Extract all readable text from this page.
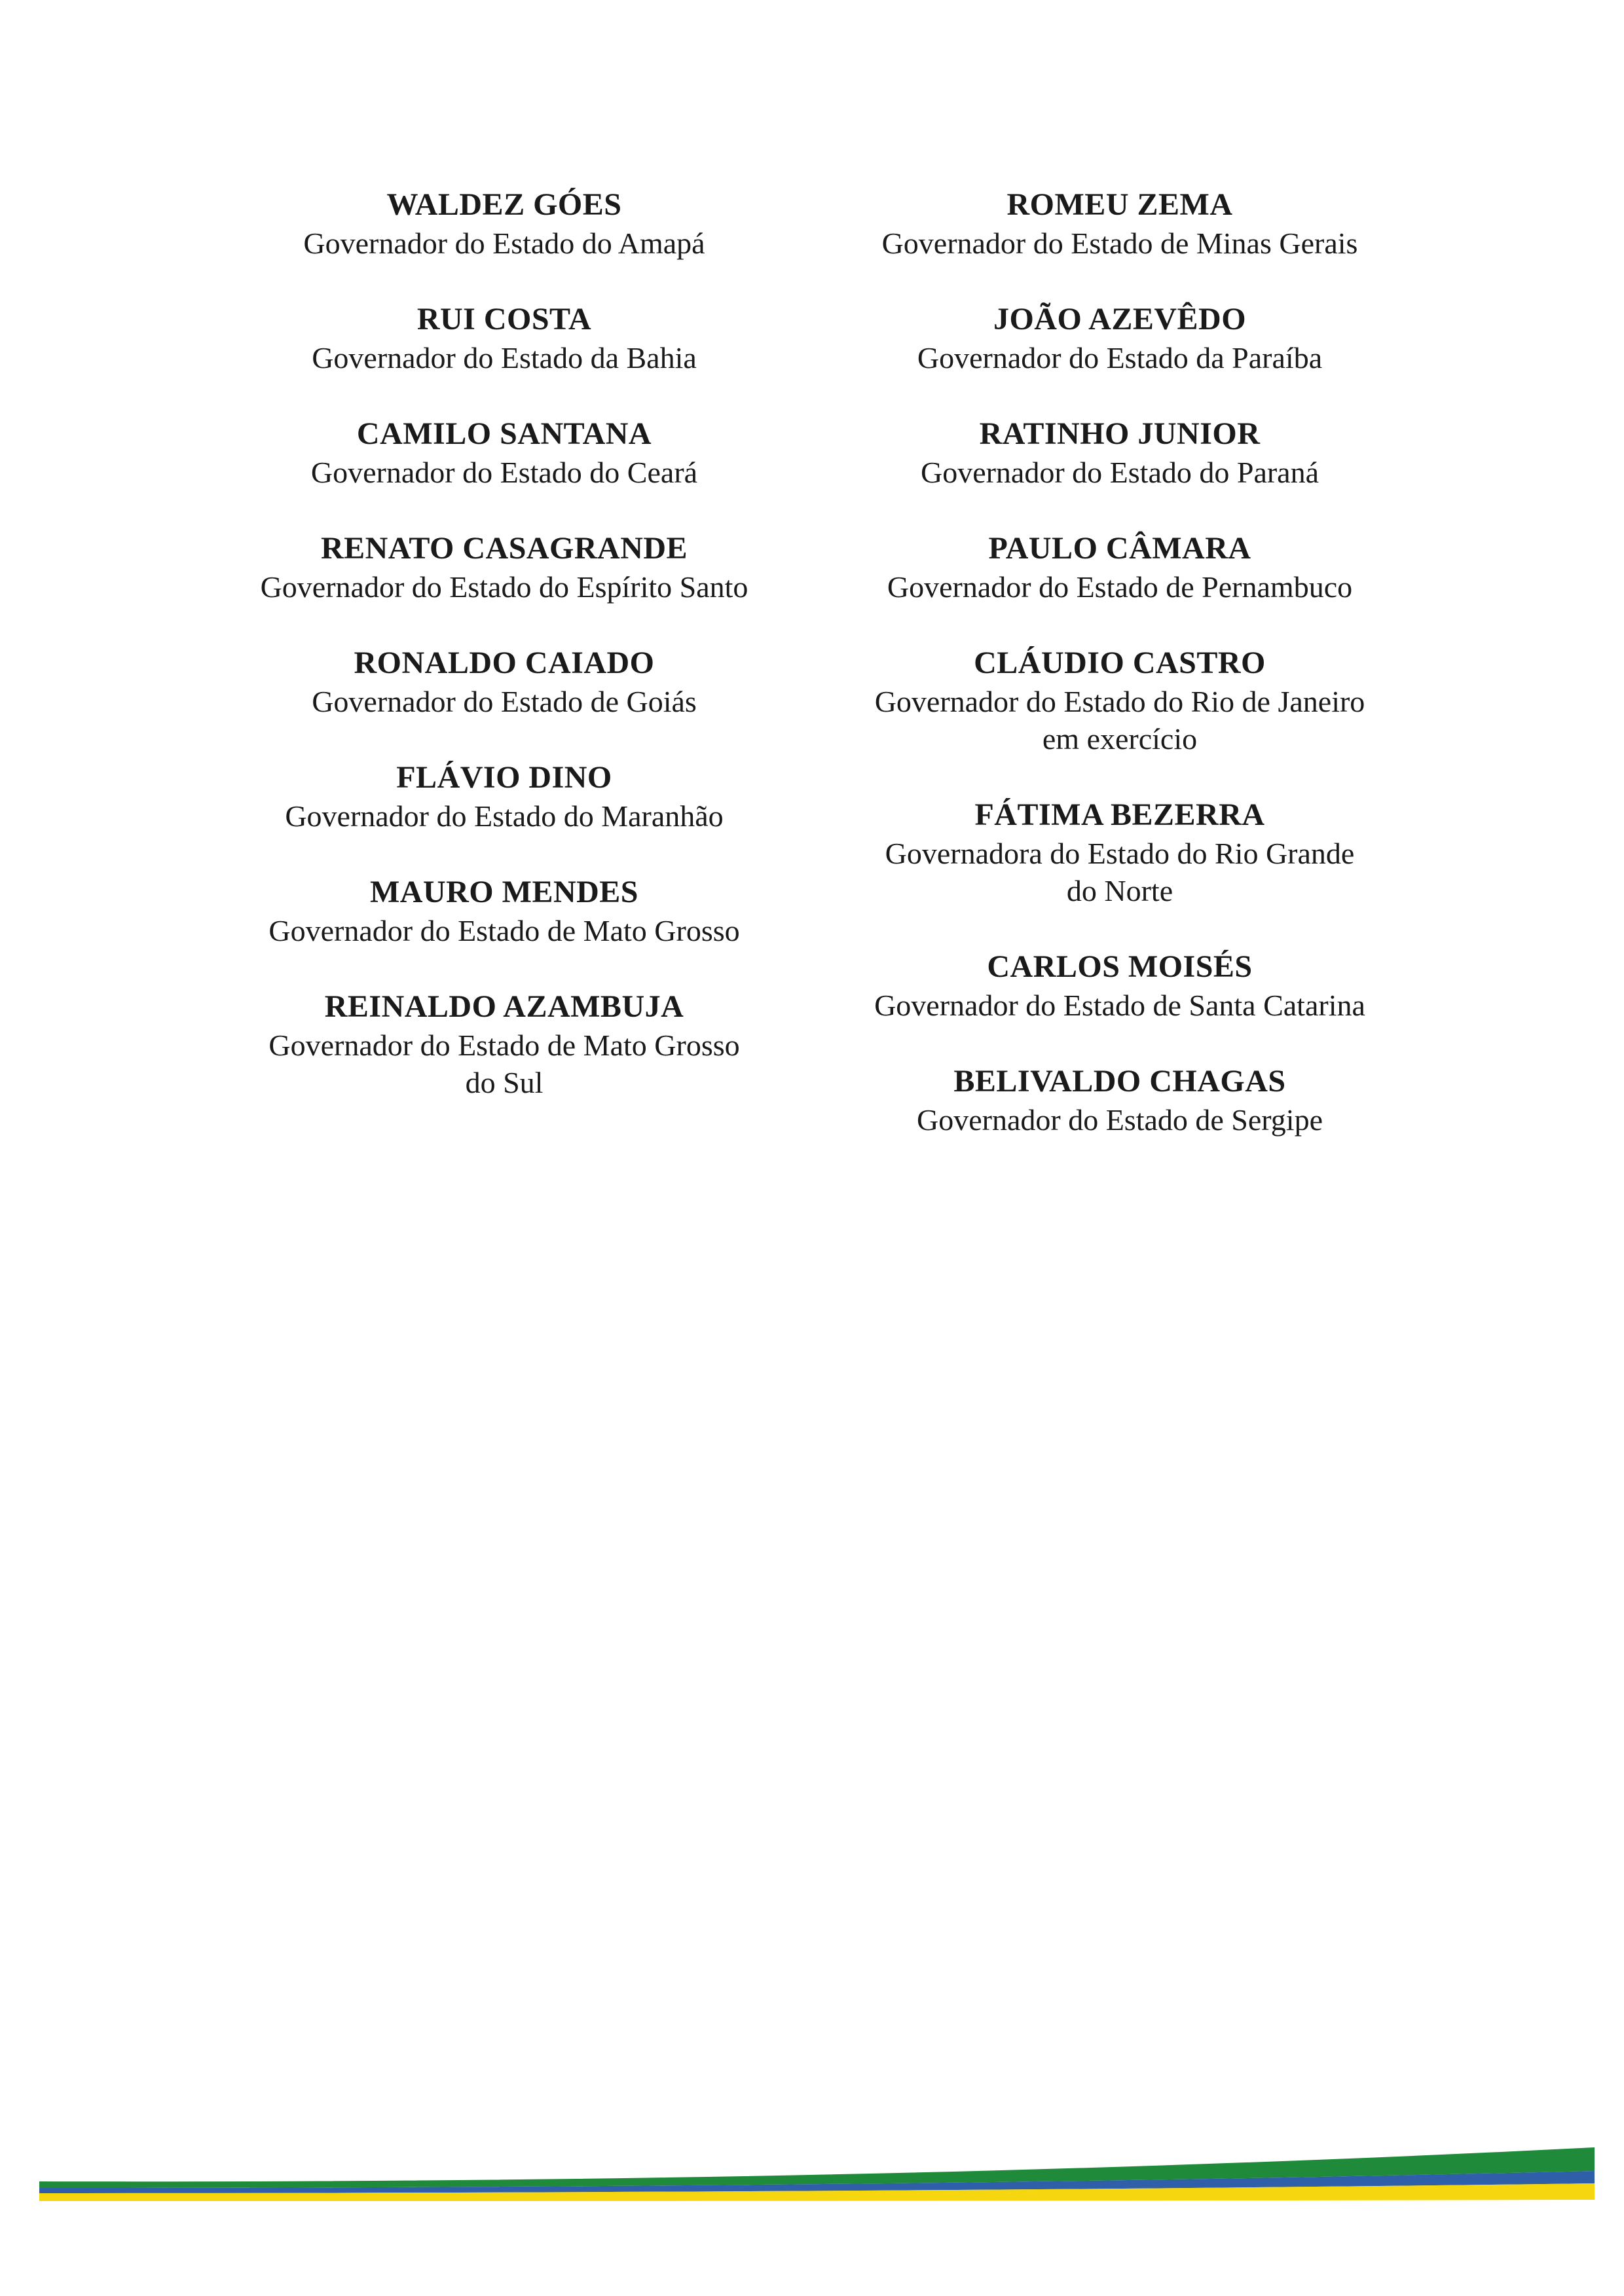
WALDEZ GÓES
Governador do Estado do Amapá
RUI COSTA
Governador do Estado da Bahia
CAMILO SANTANA
Governador do Estado do Ceará
RENATO CASAGRANDE
Governador do Estado do Espírito Santo
RONALDO CAIADO
Governador do Estado de Goiás
FLÁVIO DINO
Governador do Estado do Maranhão
MAURO MENDES
Governador do Estado de Mato Grosso
REINALDO AZAMBUJA
Governador do Estado de Mato Grosso
do Sul
ROMEU ZEMA
Governador do Estado de Minas Gerais
JOÃO AZEVÊDO
Governador do Estado da Paraíba
RATINHO JUNIOR
Governador do Estado do Paraná
PAULO CÂMARA
Governador do Estado de Pernambuco
CLÁUDIO CASTRO
Governador do Estado do Rio de Janeiro
em exercício
FÁTIMA BEZERRA
Governadora do Estado do Rio Grande
do Norte
CARLOS MOISÉS
Governador do Estado de Santa Catarina
BELIVALDO CHAGAS
Governador do Estado de Sergipe
